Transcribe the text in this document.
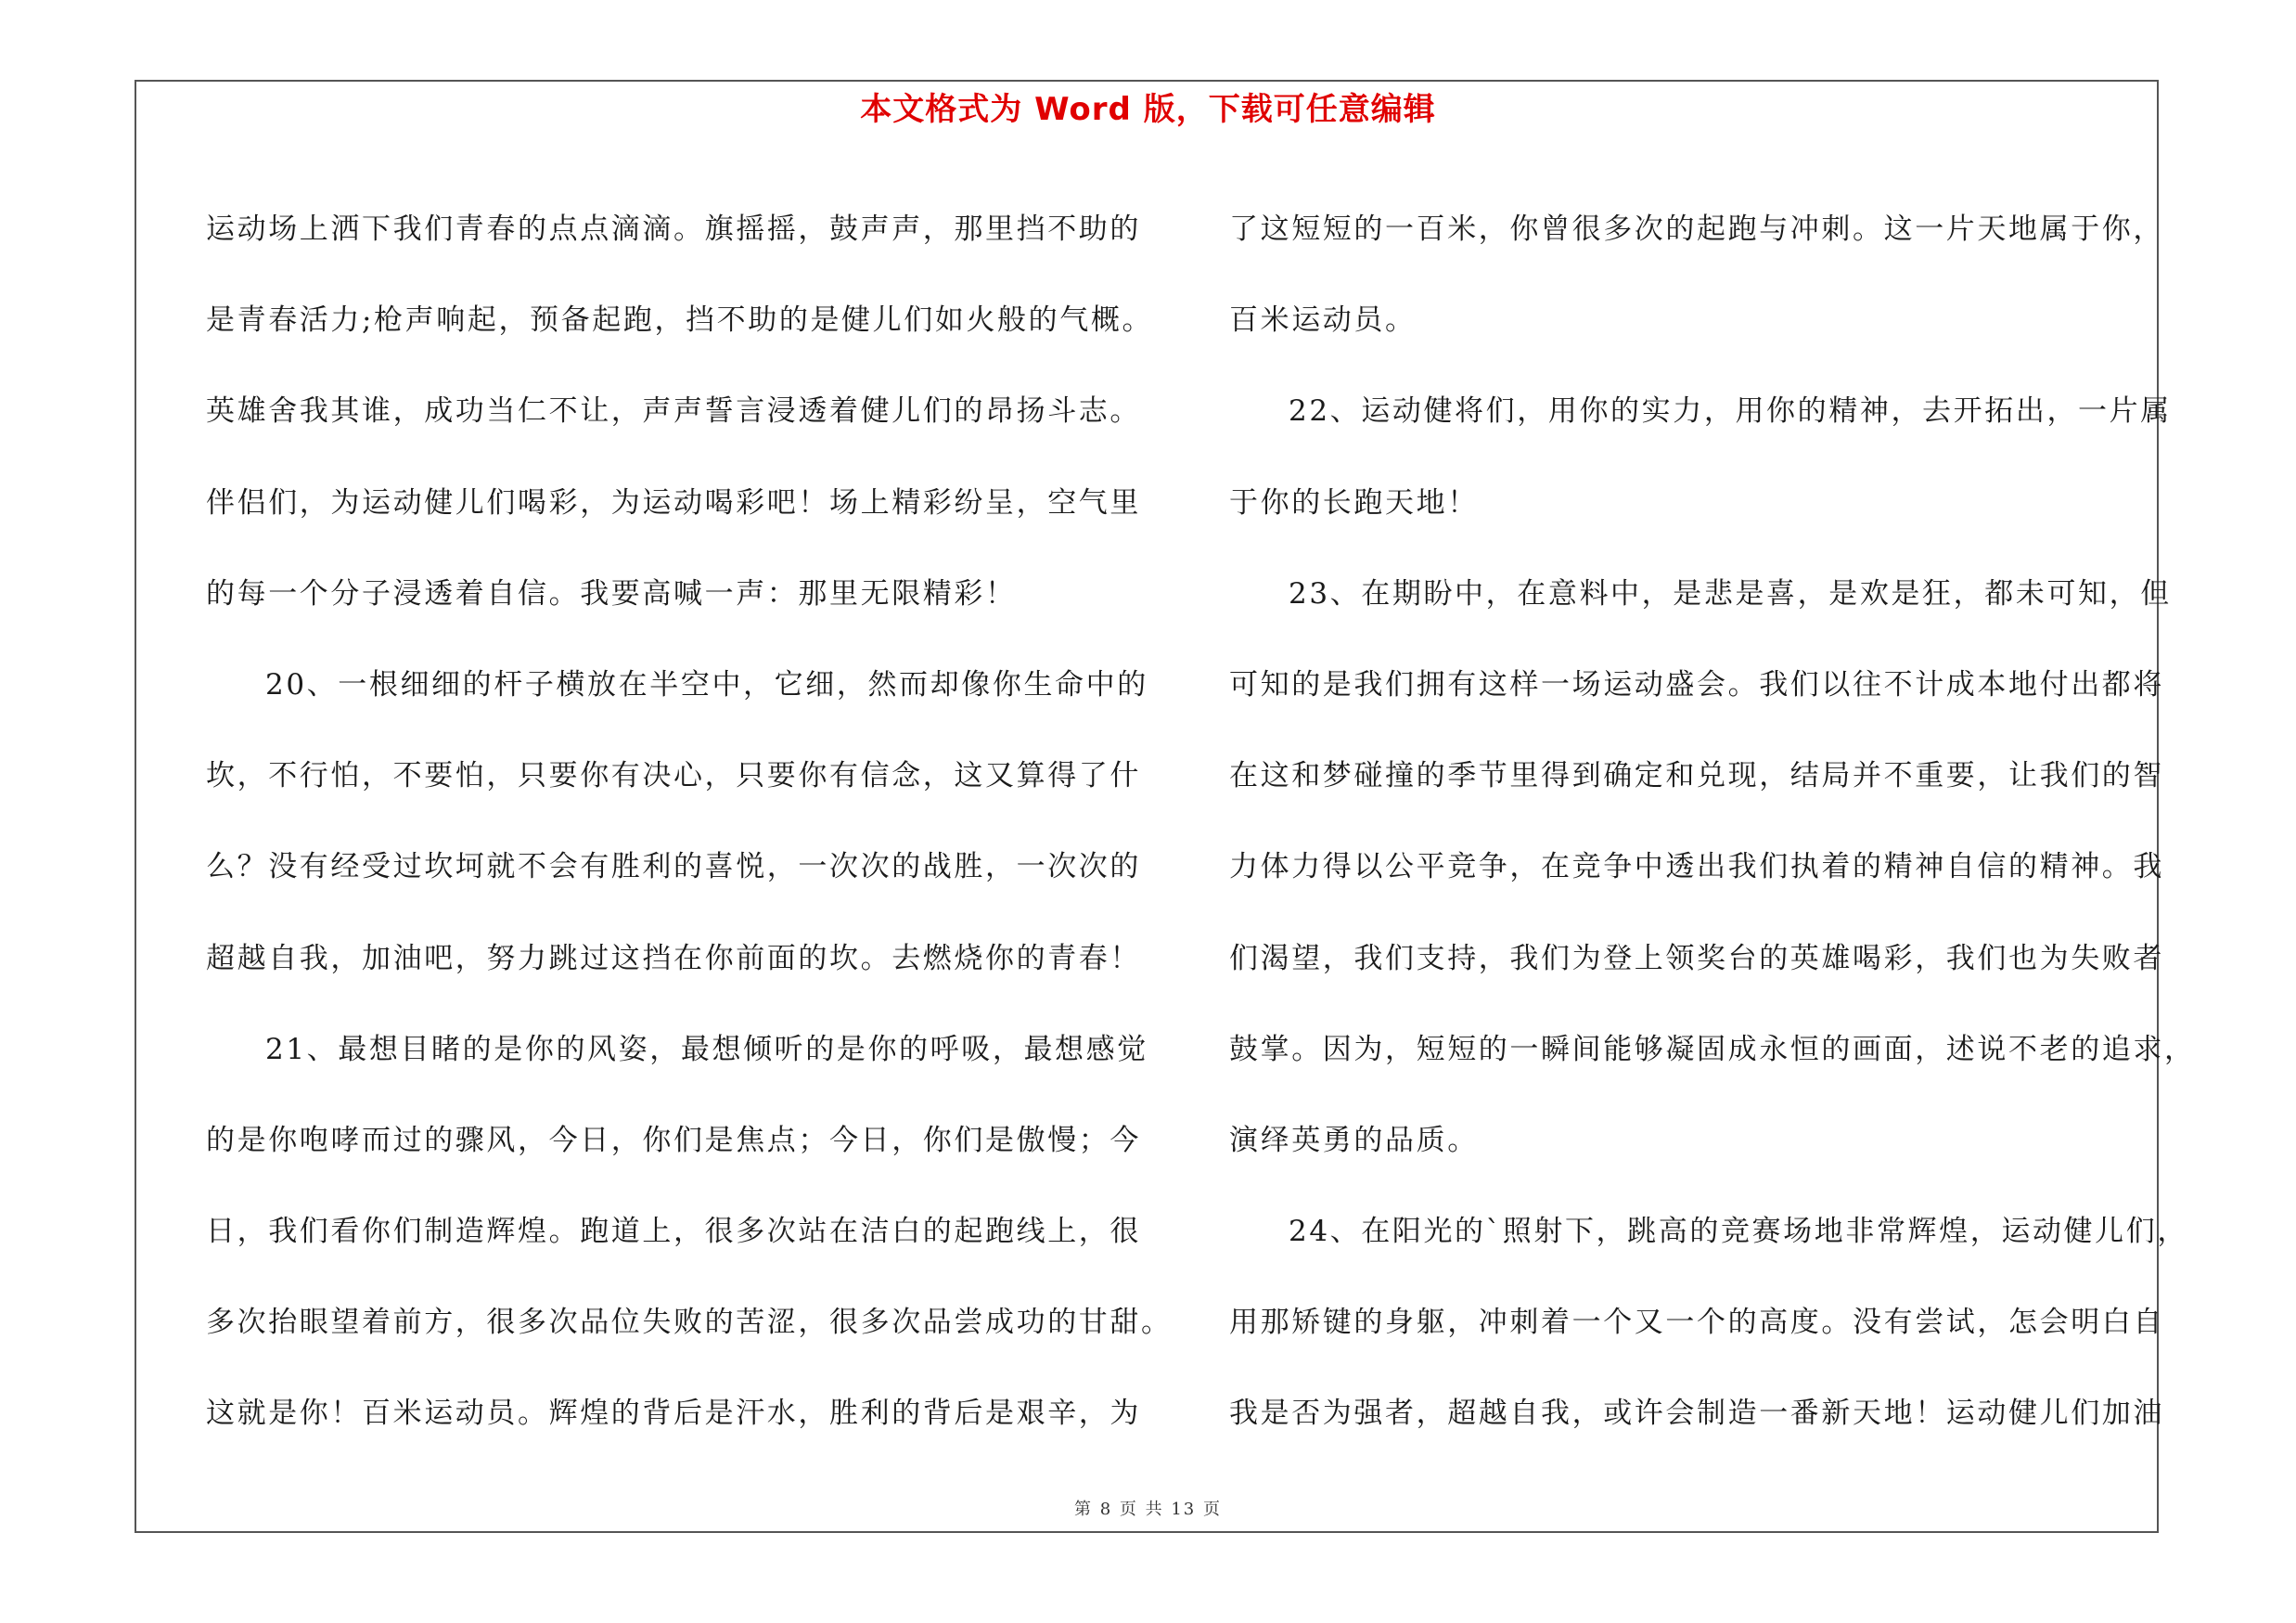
本文格式为 Word 版，下载可任意编辑
运动场上洒下我们青春的点点滴滴。旗摇摇，鼓声声，那里挡不助的
是青春活力;枪声响起，预备起跑，挡不助的是健儿们如火般的气概。
英雄舍我其谁，成功当仁不让，声声誓言浸透着健儿们的昂扬斗志。
伴侣们，为运动健儿们喝彩，为运动喝彩吧！场上精彩纷呈，空气里
的每一个分子浸透着自信。我要高喊一声：那里无限精彩！
20、一根细细的杆子横放在半空中，它细，然而却像你生命中的
坎，不行怕，不要怕，只要你有决心，只要你有信念，这又算得了什
么？没有经受过坎坷就不会有胜利的喜悦，一次次的战胜，一次次的
超越自我，加油吧，努力跳过这挡在你前面的坎。去燃烧你的青春！
21、最想目睹的是你的风姿，最想倾听的是你的呼吸，最想感觉
的是你咆哮而过的骤风，今日，你们是焦点；今日，你们是傲慢；今
日，我们看你们制造辉煌。跑道上，很多次站在洁白的起跑线上，很
多次抬眼望着前方，很多次品位失败的苦涩，很多次品尝成功的甘甜。
这就是你！百米运动员。辉煌的背后是汗水，胜利的背后是艰辛，为
了这短短的一百米，你曾很多次的起跑与冲刺。这一片天地属于你，
百米运动员。
22、运动健将们，用你的实力，用你的精神，去开拓出，一片属
于你的长跑天地！
23、在期盼中，在意料中，是悲是喜，是欢是狂，都未可知，但
可知的是我们拥有这样一场运动盛会。我们以往不计成本地付出都将
在这和梦碰撞的季节里得到确定和兑现，结局并不重要，让我们的智
力体力得以公平竞争，在竞争中透出我们执着的精神自信的精神。我
们渴望，我们支持，我们为登上领奖台的英雄喝彩，我们也为失败者
鼓掌。因为，短短的一瞬间能够凝固成永恒的画面，述说不老的追求，
演绎英勇的品质。
24、在阳光的`照射下，跳高的竞赛场地非常辉煌，运动健儿们，
用那矫键的身躯，冲刺着一个又一个的高度。没有尝试，怎会明白自
我是否为强者，超越自我，或许会制造一番新天地！运动健儿们加油
第 8 页 共 13 页
